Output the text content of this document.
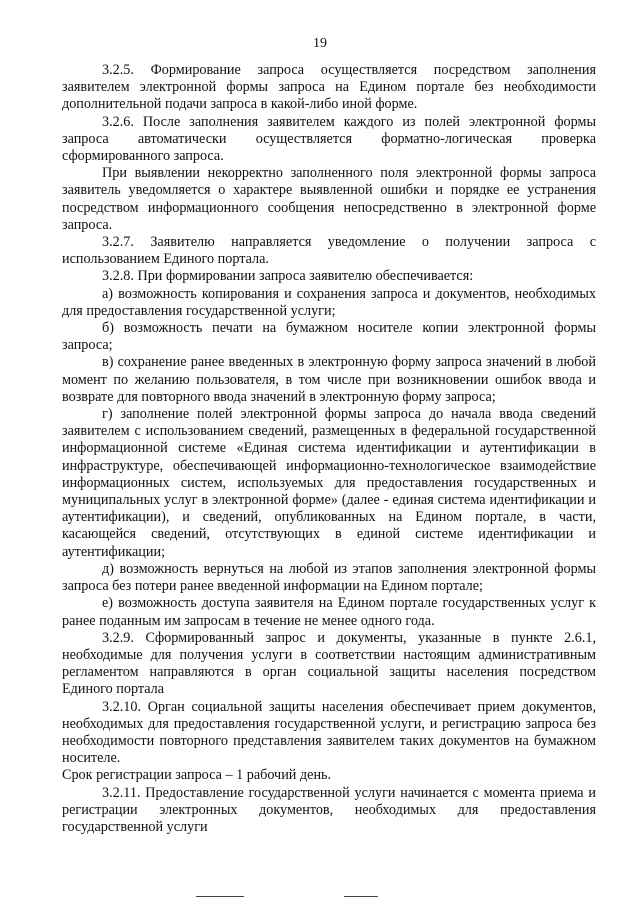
19

3.2.5. Формирование запроса осуществляется посредством заполнения заявителем электронной формы запроса на Едином портале без необходимости дополнительной подачи запроса в какой-либо иной форме.

3.2.6. После заполнения заявителем каждого из полей электронной формы запроса автоматически осуществляется форматно-логическая проверка сформированного запроса.

При выявлении некорректно заполненного поля электронной формы запроса заявитель уведомляется о характере выявленной ошибки и порядке ее устранения посредством информационного сообщения непосредственно в электронной форме запроса.

3.2.7. Заявителю направляется уведомление о получении запроса с использованием Единого портала.

3.2.8. При формировании запроса заявителю обеспечивается:

а) возможность копирования и сохранения запроса и документов, необходимых для предоставления государственной услуги;

б) возможность печати на бумажном носителе копии электронной формы запроса;

в) сохранение ранее введенных в электронную форму запроса значений в любой момент по желанию пользователя, в том числе при возникновении ошибок ввода и возврате для повторного ввода значений в электронную форму запроса;

г) заполнение полей электронной формы запроса до начала ввода сведений заявителем с использованием сведений, размещенных в федеральной государственной информационной системе «Единая система идентификации и аутентификации в инфраструктуре, обеспечивающей информационно-технологическое взаимодействие информационных систем, используемых для предоставления государственных и муниципальных услуг в электронной форме» (далее - единая система идентификации и аутентификации), и сведений, опубликованных на Едином портале, в части, касающейся сведений, отсутствующих в единой системе идентификации и аутентификации;

д) возможность вернуться на любой из этапов заполнения электронной формы запроса без потери ранее введенной информации на Едином портале;

е) возможность доступа заявителя на Едином портале государственных услуг к ранее поданным им запросам в течение не менее одного года.

3.2.9. Сформированный запрос и документы, указанные в пункте 2.6.1, необходимые для получения услуги в соответствии настоящим административным регламентом направляются в орган социальной защиты населения посредством Единого портала

3.2.10. Орган социальной защиты населения обеспечивает прием документов, необходимых для предоставления государственной услуги, и регистрацию запроса без необходимости повторного представления заявителем таких документов на бумажном носителе.

Срок регистрации запроса – 1 рабочий день.

3.2.11. Предоставление государственной услуги начинается с момента приема и регистрации электронных документов, необходимых для предоставления государственной услуги
